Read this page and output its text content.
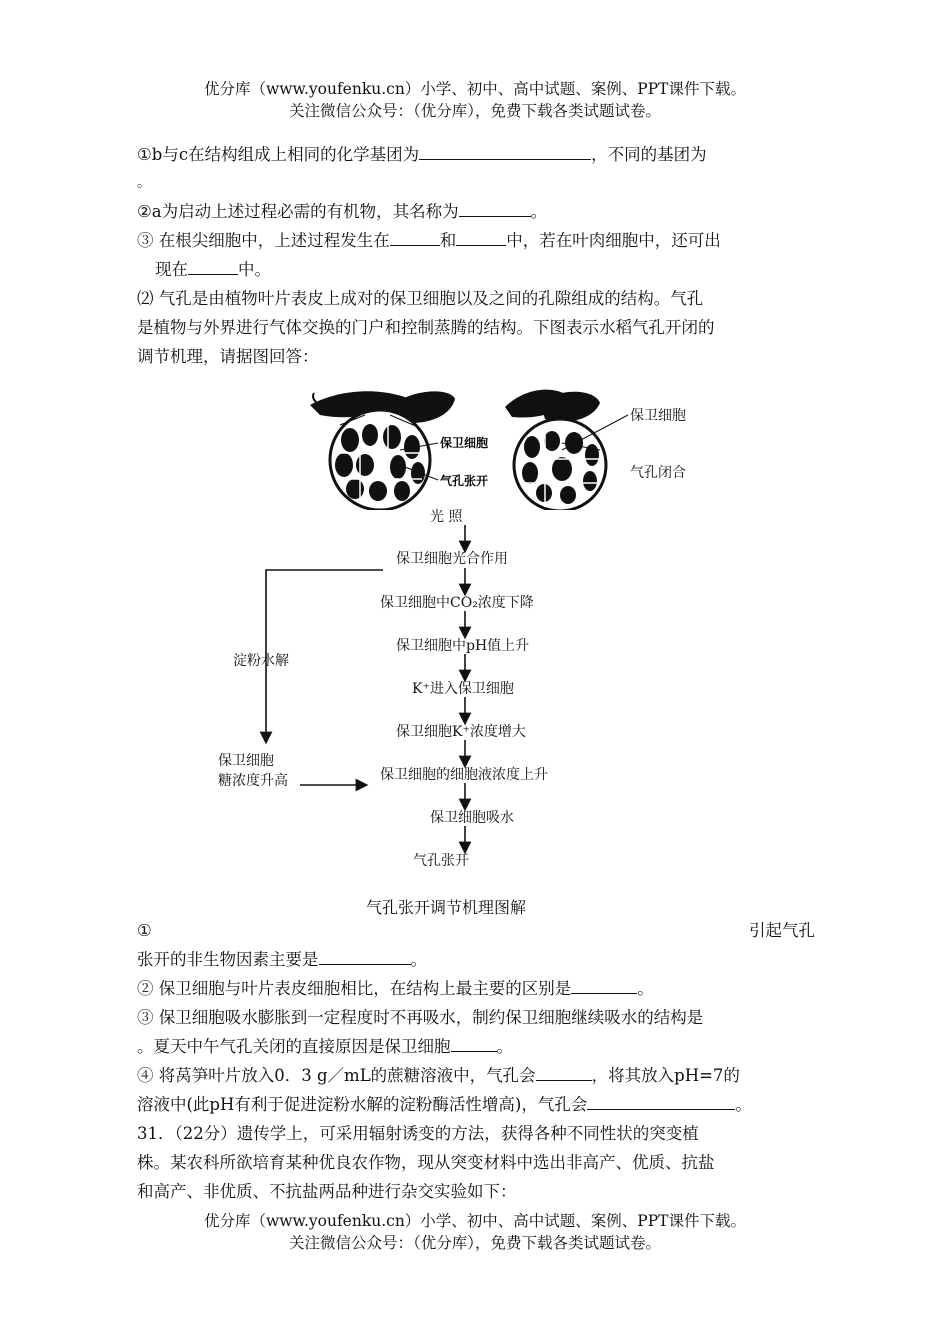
优分库（www.youfenku.cn）小学、初中、高中试题、案例、PPT课件下载。
关注微信公众号：（优分库），免费下载各类试题试卷。
①b与c在结构组成上相同的化学基团为	，不同的基团为
。
②a为启动上述过程必需的有机物，其名称为	。
③ 在根尖细胞中，上述过程发生在	和	中，若在叶肉细胞中，还可出
现在	中。
⑵ 气孔是由植物叶片表皮上成对的保卫细胞以及之间的孔隙组成的结构。气孔
是植物与外界进行气体交换的门户和控制蒸腾的结构。下图表示水稻气孔开闭的
调节机理，请据图回答：
保卫细胞
气孔张开
保卫细胞
气孔闭合
光 照
保卫细胞光合作用
保卫细胞中CO₂浓度下降
保卫细胞中pH值上升
K⁺进入保卫细胞
保卫细胞K⁺浓度增大
保卫细胞的细胞液浓度上升
保卫细胞吸水
气孔张开
淀粉水解
保卫细胞
糖浓度升高
气孔张开调节机理图解
①	引起气孔
张开的非生物因素主要是	。
② 保卫细胞与叶片表皮细胞相比，在结构上最主要的区别是	。
③ 保卫细胞吸水膨胀到一定程度时不再吸水，制约保卫细胞继续吸水的结构是
。夏天中午气孔关闭的直接原因是保卫细胞	。
④ 将莴笋叶片放入0．3 g／mL的蔗糖溶液中，气孔会	，将其放入pH=7的
溶液中(此pH有利于促进淀粉水解的淀粉酶活性增高)，气孔会	。
31．（22分）遗传学上，可采用辐射诱变的方法，获得各种不同性状的突变植
株。某农科所欲培育某种优良农作物，现从突变材料中选出非高产、优质、抗盐
和高产、非优质、不抗盐两品种进行杂交实验如下：
优分库（www.youfenku.cn）小学、初中、高中试题、案例、PPT课件下载。
关注微信公众号：（优分库），免费下载各类试题试卷。
